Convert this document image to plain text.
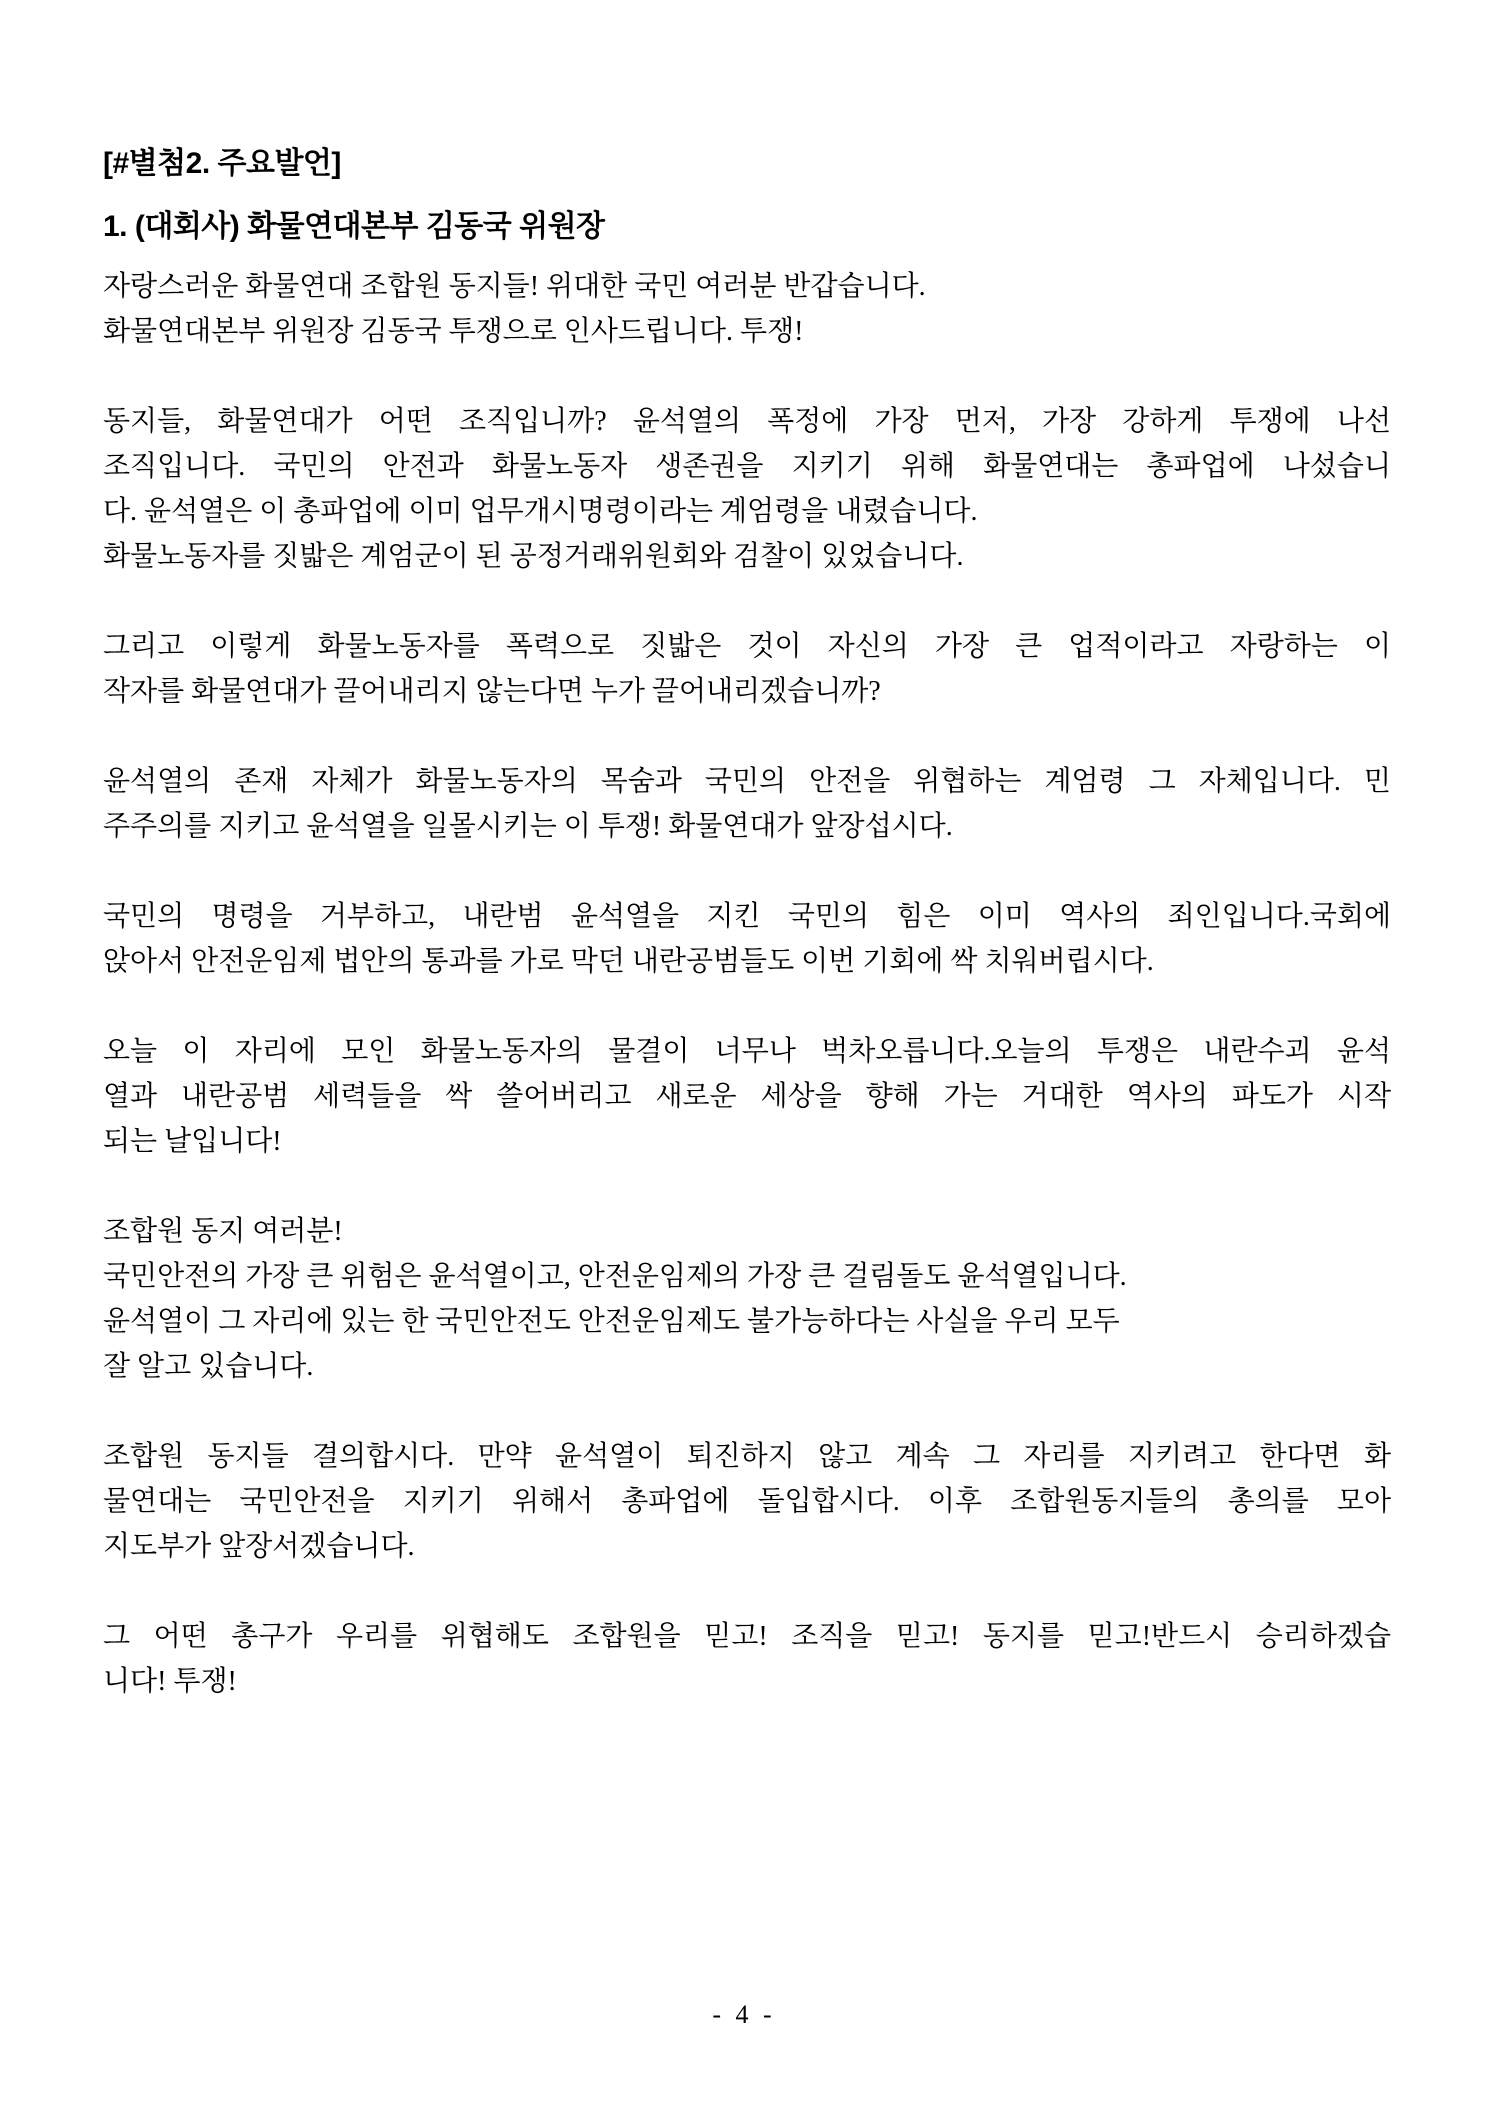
[#별첨2. 주요발언]
1. (대회사) 화물연대본부 김동국 위원장
자랑스러운 화물연대 조합원 동지들! 위대한 국민 여러분 반갑습니다.
화물연대본부 위원장 김동국 투쟁으로 인사드립니다. 투쟁!
동지들, 화물연대가 어떤 조직입니까? 윤석열의 폭정에 가장 먼저, 가장 강하게 투쟁에 나선
조직입니다. 국민의 안전과 화물노동자 생존권을 지키기 위해 화물연대는 총파업에 나섰습니
다. 윤석열은 이 총파업에 이미 업무개시명령이라는 계엄령을 내렸습니다.
화물노동자를 짓밟은 계엄군이 된 공정거래위원회와 검찰이 있었습니다.
그리고 이렇게 화물노동자를 폭력으로 짓밟은 것이 자신의 가장 큰 업적이라고 자랑하는 이
작자를 화물연대가 끌어내리지 않는다면 누가 끌어내리겠습니까?
윤석열의 존재 자체가 화물노동자의 목숨과 국민의 안전을 위협하는 계엄령 그 자체입니다. 민
주주의를 지키고 윤석열을 일몰시키는 이 투쟁! 화물연대가 앞장섭시다.
국민의 명령을 거부하고, 내란범 윤석열을 지킨 국민의 힘은 이미 역사의 죄인입니다.국회에
앉아서 안전운임제 법안의 통과를 가로 막던 내란공범들도 이번 기회에 싹 치워버립시다.
오늘 이 자리에 모인 화물노동자의 물결이 너무나 벅차오릅니다.오늘의 투쟁은 내란수괴 윤석
열과 내란공범 세력들을 싹 쓸어버리고 새로운 세상을 향해 가는 거대한 역사의 파도가 시작
되는 날입니다!
조합원 동지 여러분!
국민안전의 가장 큰 위험은 윤석열이고, 안전운임제의 가장 큰 걸림돌도 윤석열입니다.
윤석열이 그 자리에 있는 한 국민안전도 안전운임제도 불가능하다는 사실을 우리 모두
잘 알고 있습니다.
조합원 동지들 결의합시다. 만약 윤석열이 퇴진하지 않고 계속 그 자리를 지키려고 한다면 화
물연대는 국민안전을 지키기 위해서 총파업에 돌입합시다. 이후 조합원동지들의 총의를 모아
지도부가 앞장서겠습니다.
그 어떤 총구가 우리를 위협해도 조합원을 믿고! 조직을 믿고! 동지를 믿고!반드시 승리하겠습
니다! 투쟁!
- 4 -
